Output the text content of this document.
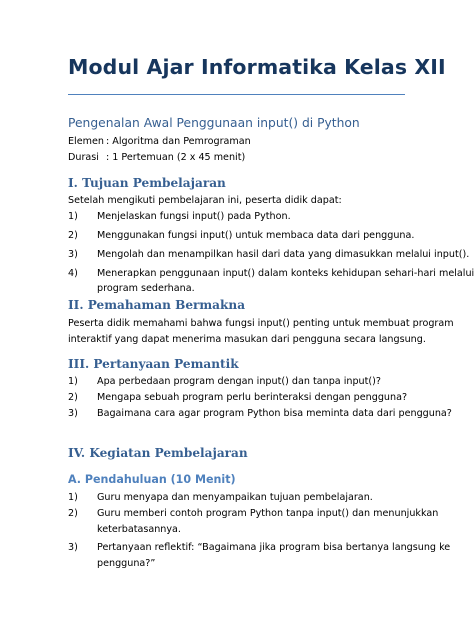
Modul Ajar Informatika Kelas XII
Pengenalan Awal Penggunaan input() di Python
Elemen : Algoritma dan Pemrograman
Durasi : 1 Pertemuan (2 x 45 menit)
I. Tujuan Pembelajaran
Setelah mengikuti pembelajaran ini, peserta didik dapat:
1) Menjelaskan fungsi input() pada Python.
2) Menggunakan fungsi input() untuk membaca data dari pengguna.
3) Mengolah dan menampilkan hasil dari data yang dimasukkan melalui input().
4) Menerapkan penggunaan input() dalam konteks kehidupan sehari-hari melalui
program sederhana.
II. Pemahaman Bermakna
Peserta didik memahami bahwa fungsi input() penting untuk membuat program
interaktif yang dapat menerima masukan dari pengguna secara langsung.
III. Pertanyaan Pemantik
1) Apa perbedaan program dengan input() dan tanpa input()?
2) Mengapa sebuah program perlu berinteraksi dengan pengguna?
3) Bagaimana cara agar program Python bisa meminta data dari pengguna?
IV. Kegiatan Pembelajaran
A. Pendahuluan (10 Menit)
1) Guru menyapa dan menyampaikan tujuan pembelajaran.
2) Guru memberi contoh program Python tanpa input() dan menunjukkan
keterbatasannya.
3) Pertanyaan reflektif: “Bagaimana jika program bisa bertanya langsung ke
pengguna?”
